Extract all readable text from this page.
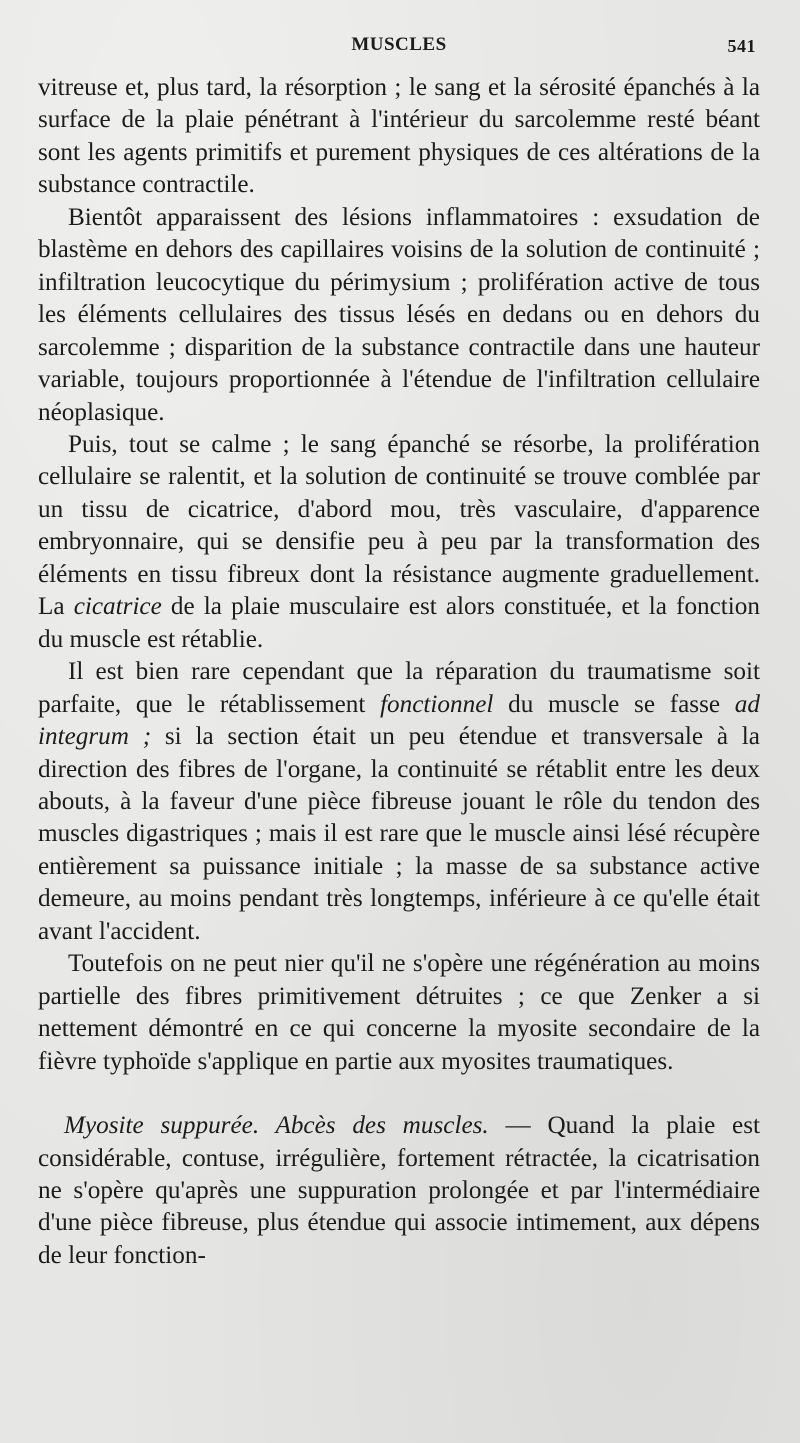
MUSCLES	541

vitreuse et, plus tard, la résorption ; le sang et la sérosité épanchés à la surface de la plaie pénétrant à l'intérieur du sarcolemme resté béant sont les agents primitifs et purement physiques de ces altérations de la substance contractile.

Bientôt apparaissent des lésions inflammatoires : exsudation de blastème en dehors des capillaires voisins de la solution de continuité ; infiltration leucocytique du périmysium ; prolifération active de tous les éléments cellulaires des tissus lésés en dedans ou en dehors du sarcolemme ; disparition de la substance contractile dans une hauteur variable, toujours proportionnée à l'étendue de l'infiltration cellulaire néoplasique.

Puis, tout se calme ; le sang épanché se résorbe, la prolifération cellulaire se ralentit, et la solution de continuité se trouve comblée par un tissu de cicatrice, d'abord mou, très vasculaire, d'apparence embryonnaire, qui se densifie peu à peu par la transformation des éléments en tissu fibreux dont la résistance augmente graduellement. La cicatrice de la plaie musculaire est alors constituée, et la fonction du muscle est rétablie.

Il est bien rare cependant que la réparation du traumatisme soit parfaite, que le rétablissement fonctionnel du muscle se fasse ad integrum ; si la section était un peu étendue et transversale à la direction des fibres de l'organe, la continuité se rétablit entre les deux abouts, à la faveur d'une pièce fibreuse jouant le rôle du tendon des muscles digastriques ; mais il est rare que le muscle ainsi lésé récupère entièrement sa puissance initiale ; la masse de sa substance active demeure, au moins pendant très longtemps, inférieure à ce qu'elle était avant l'accident.

Toutefois on ne peut nier qu'il ne s'opère une régénération au moins partielle des fibres primitivement détruites ; ce que Zenker a si nettement démontré en ce qui concerne la myosite secondaire de la fièvre typhoïde s'applique en partie aux myosites traumatiques.

Myosite suppurée. Abcès des muscles. — Quand la plaie est considérable, contuse, irrégulière, fortement rétractée, la cicatrisation ne s'opère qu'après une suppuration prolongée et par l'intermédiaire d'une pièce fibreuse, plus étendue qui associe intimement, aux dépens de leur fonction-
